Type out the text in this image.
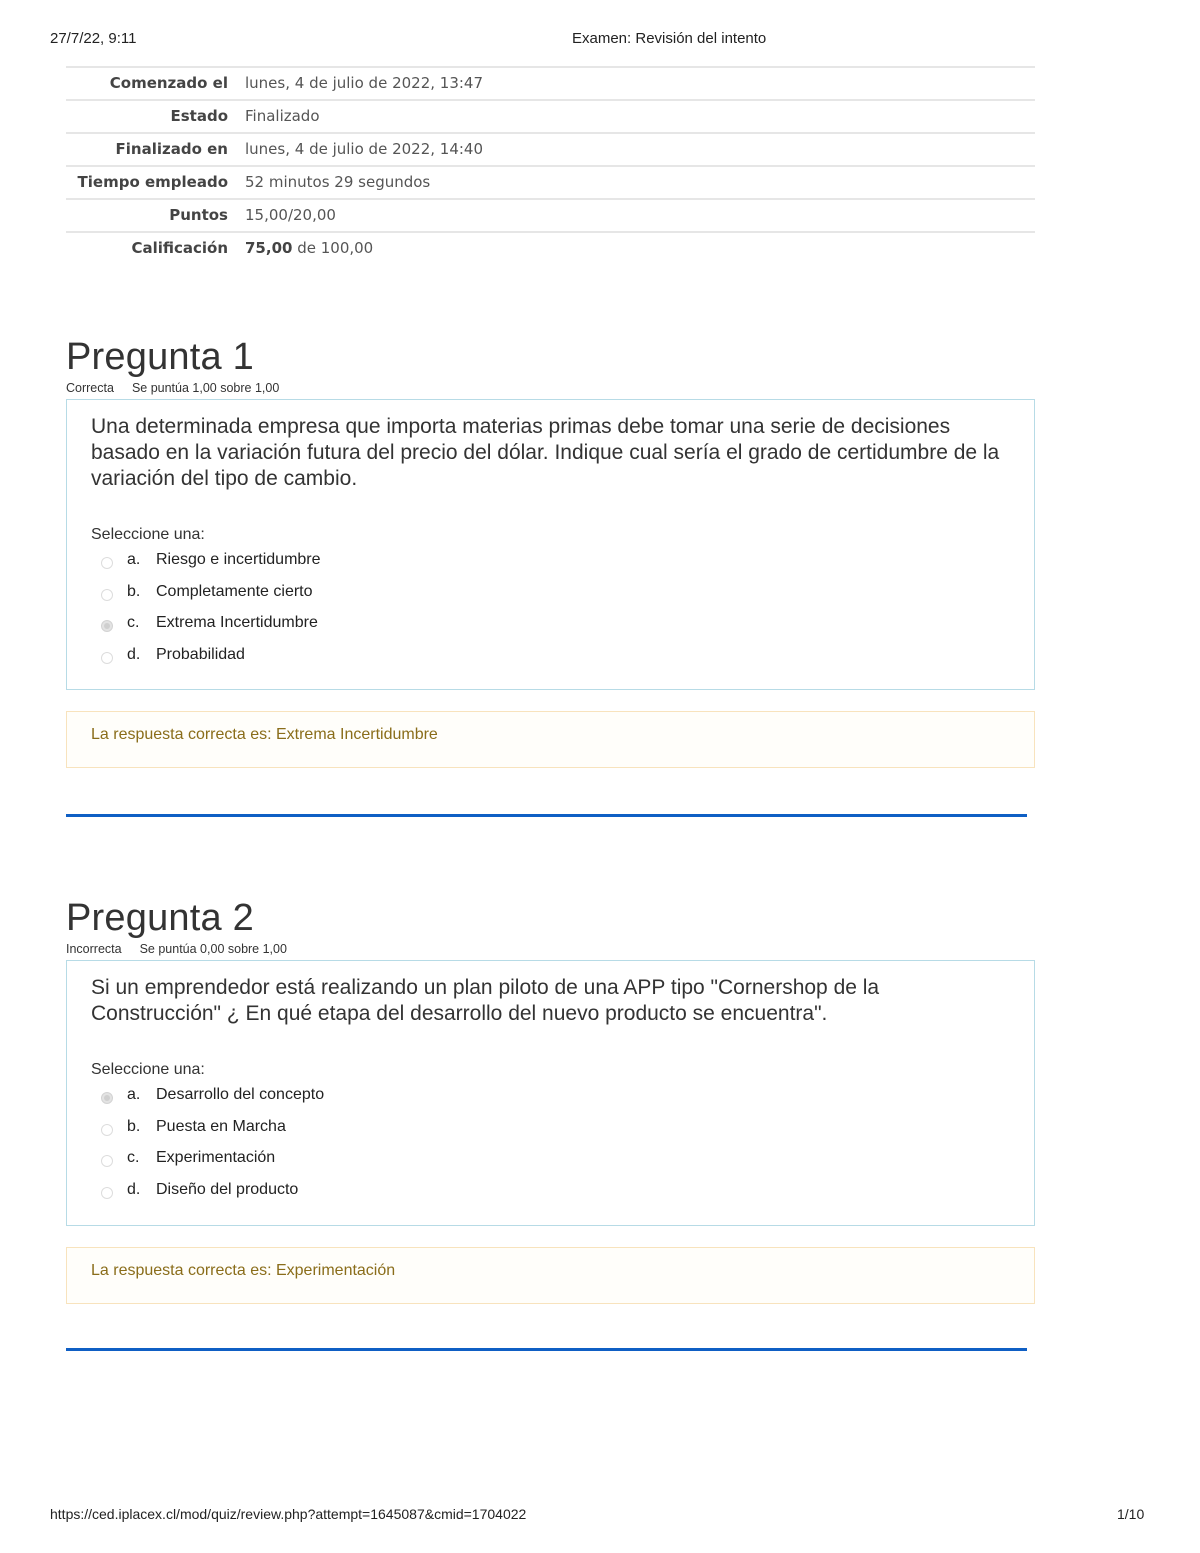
27/7/22, 9:11	Examen: Revisión del intento
Comenzado el	lunes, 4 de julio de 2022, 13:47
Estado	Finalizado
Finalizado en	lunes, 4 de julio de 2022, 14:40
Tiempo empleado	52 minutos 29 segundos
Puntos	15,00/20,00
Calificación	75,00 de 100,00
Pregunta 1
Correcta Se puntúa 1,00 sobre 1,00

Una determinada empresa que importa materias primas debe tomar una serie de decisiones basado en la variación futura del precio del dólar. Indique cual sería el grado de certidumbre de la variación del tipo de cambio.

Seleccione una:
a. Riesgo e incertidumbre
b. Completamente cierto
c. Extrema Incertidumbre
d. Probabilidad
La respuesta correcta es: Extrema Incertidumbre
Pregunta 2
Incorrecta Se puntúa 0,00 sobre 1,00

Si un emprendedor está realizando un plan piloto de una APP tipo "Cornershop de la Construcción" ¿ En qué etapa del desarrollo del nuevo producto se encuentra".

Seleccione una:
a. Desarrollo del concepto
b. Puesta en Marcha
c. Experimentación
d. Diseño del producto
La respuesta correcta es: Experimentación
https://ced.iplacex.cl/mod/quiz/review.php?attempt=1645087&cmid=1704022	1/10
